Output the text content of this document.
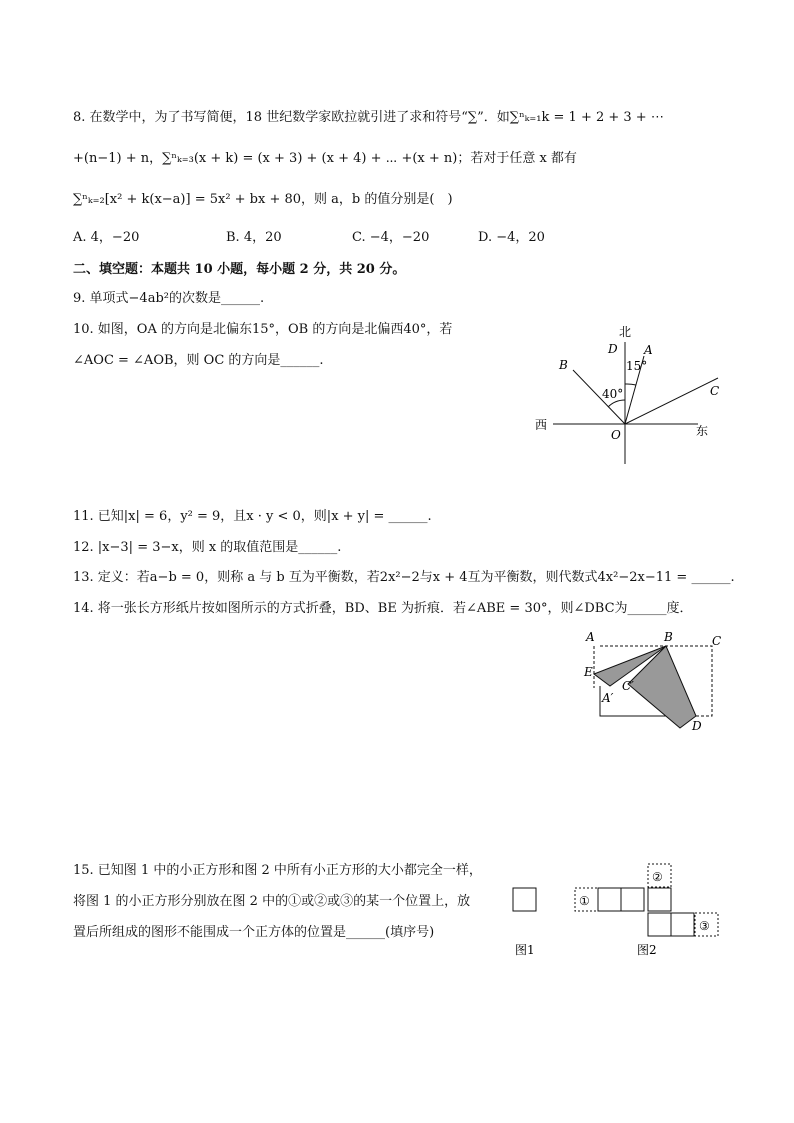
8. 在数学中，为了书写简便，18 世纪数学家欧拉就引进了求和符号“∑”．如∑ⁿₖ₌₁k = 1 + 2 + 3 + ⋯
+(n−1) + n，∑ⁿₖ₌₃(x + k) = (x + 3) + (x + 4) + ⋯ +(x + n)；若对于任意 x 都有
∑ⁿₖ₌₂[x² + k(x−a)] = 5x² + bx + 80，则 a，b 的值分别是(　)
A. 4，−20	B. 4，20	C. −4，−20	D. −4，20
二、填空题：本题共 10 小题，每小题 2 分，共 20 分。
9. 单项式−4ab²的次数是______.
10. 如图，OA 的方向是北偏东15°，OB 的方向是北偏西40°，若
∠AOC = ∠AOB，则 OC 的方向是______.
北
D A
15°
B
40°	C
西
O	东
11. 已知|x| = 6，y² = 9，且x · y < 0，则|x + y| = ______.
12. |x−3| = 3−x，则 x 的取值范围是______.
13. 定义：若a−b = 0，则称 a 与 b 互为平衡数，若2x²−2与x + 4互为平衡数，则代数式4x²−2x−11 = ______.
14. 将一张长方形纸片按如图所示的方式折叠，BD、BE 为折痕．若∠ABE = 30°，则∠DBC为______度．
A	B	C
E
C′
A′
D
15. 已知图 1 中的小正方形和图 2 中所有小正方形的大小都完全一样，
将图 1 的小正方形分别放在图 2 中的①或②或③的某一个位置上，放
置后所组成的图形不能围成一个正方体的位置是______(填序号)
图1
①
②
③
图2
